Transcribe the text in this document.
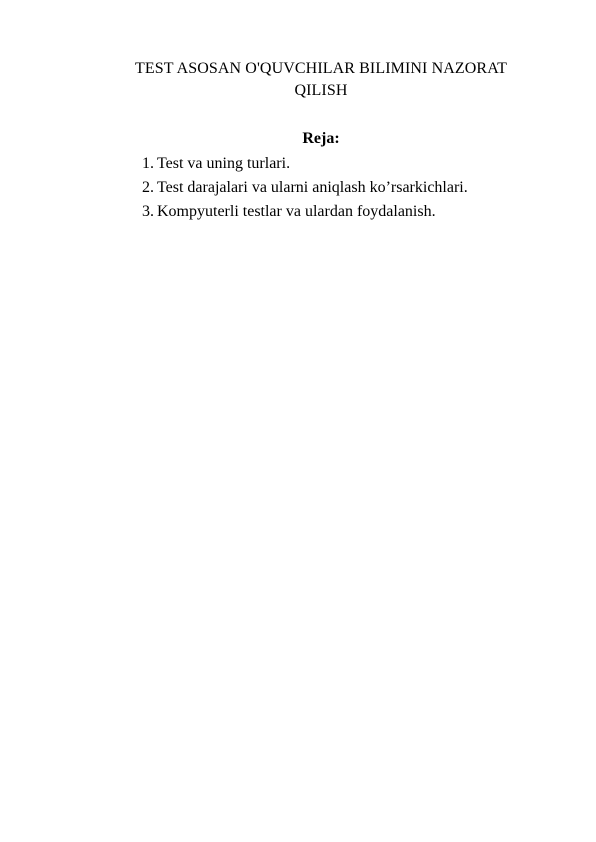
TEST ASOSAN O'QUVCHILAR BILIMINI NAZORAT
QILISH
Reja:
1. Test va uning turlari.
2. Test darajalari va ularni aniqlash ko’rsarkichlari.
3. Kompyuterli testlar va ulardan foydalanish.
